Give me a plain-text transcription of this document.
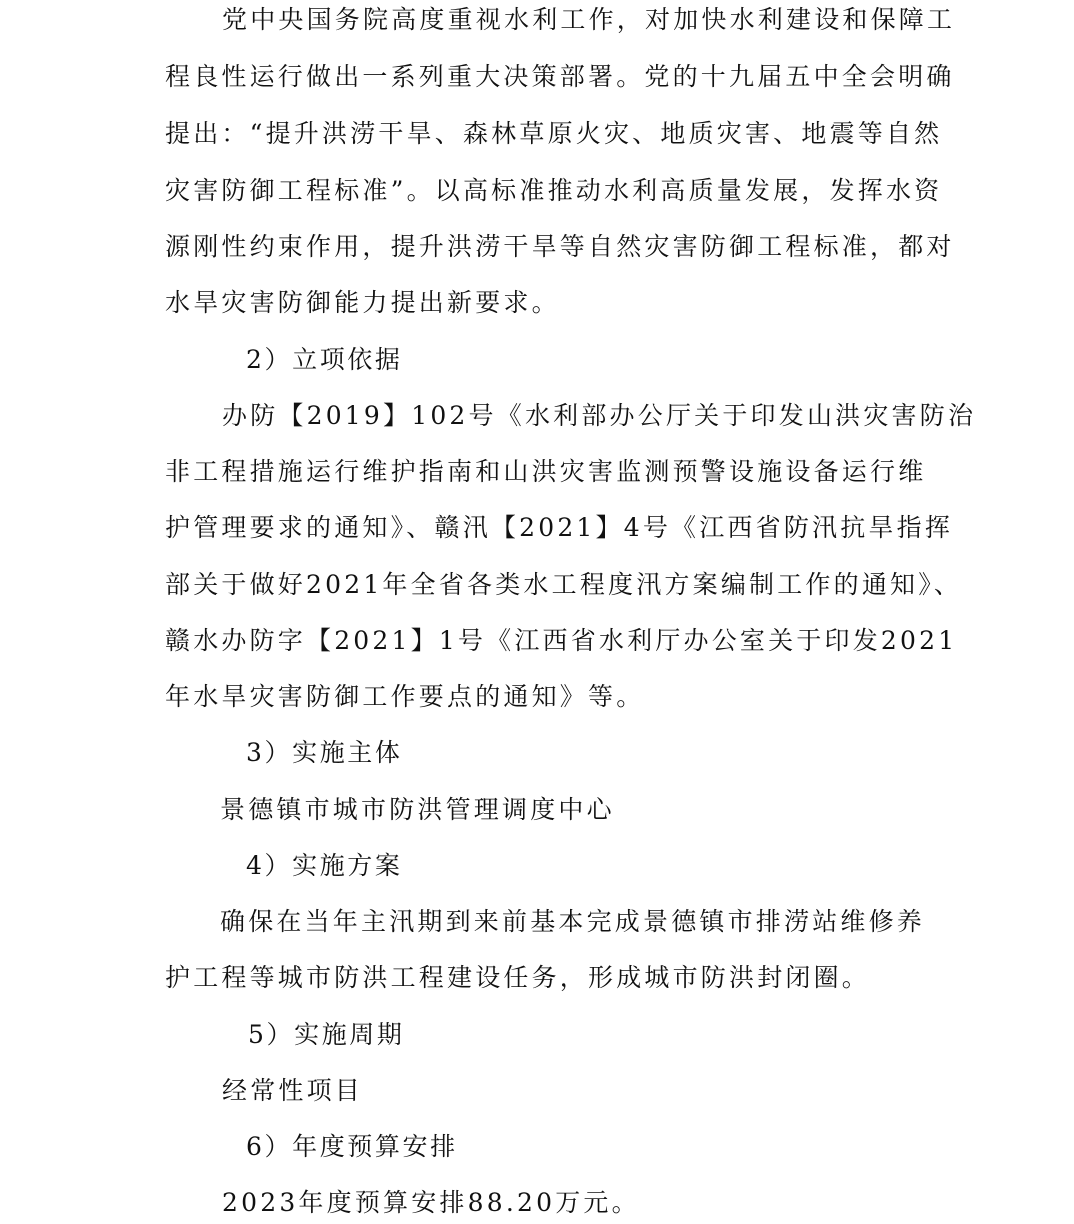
党中央国务院高度重视水利工作，对加快水利建设和保障工
程良性运行做出一系列重大决策部署。党的十九届五中全会明确
提出：“提升洪涝干旱、森林草原火灾、地质灾害、地震等自然
灾害防御工程标准”。以高标准推动水利高质量发展，发挥水资
源刚性约束作用，提升洪涝干旱等自然灾害防御工程标准，都对
水旱灾害防御能力提出新要求。
2）立项依据
办防【2019】102号《水利部办公厅关于印发山洪灾害防治
非工程措施运行维护指南和山洪灾害监测预警设施设备运行维
护管理要求的通知》、赣汛【2021】4号《江西省防汛抗旱指挥
部关于做好2021年全省各类水工程度汛方案编制工作的通知》、
赣水办防字【2021】1号《江西省水利厅办公室关于印发2021
年水旱灾害防御工作要点的通知》等。
3）实施主体
景德镇市城市防洪管理调度中心
4）实施方案
确保在当年主汛期到来前基本完成景德镇市排涝站维修养
护工程等城市防洪工程建设任务，形成城市防洪封闭圈。
5）实施周期
经常性项目
6）年度预算安排
2023年度预算安排88.20万元。
